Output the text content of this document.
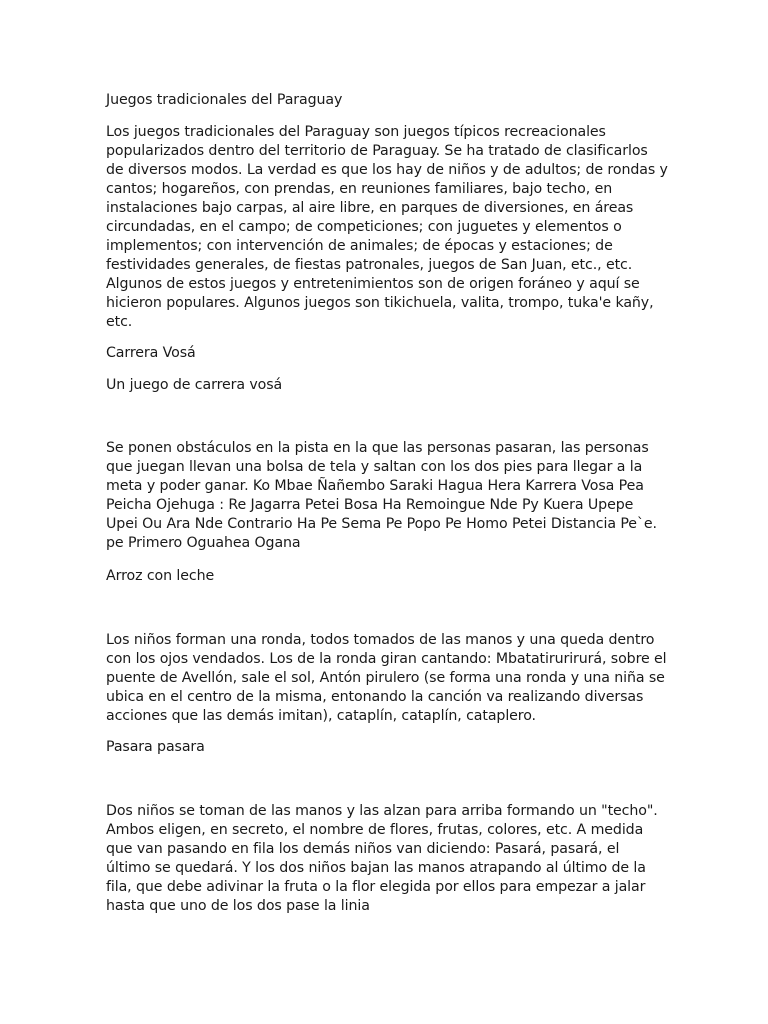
Juegos tradicionales del Paraguay
Los juegos tradicionales del Paraguay son juegos típicos recreacionales
popularizados dentro del territorio de Paraguay. Se ha tratado de clasificarlos
de diversos modos. La verdad es que los hay de niños y de adultos; de rondas y
cantos; hogareños, con prendas, en reuniones familiares, bajo techo, en
instalaciones bajo carpas, al aire libre, en parques de diversiones, en áreas
circundadas, en el campo; de competiciones; con juguetes y elementos o
implementos; con intervención de animales; de épocas y estaciones; de
festividades generales, de fiestas patronales, juegos de San Juan, etc., etc.
Algunos de estos juegos y entretenimientos son de origen foráneo y aquí se
hicieron populares. Algunos juegos son tikichuela, valita, trompo, tuka'e kañy,
etc.
Carrera Vosá
Un juego de carrera vosá
Se ponen obstáculos en la pista en la que las personas pasaran, las personas
que juegan llevan una bolsa de tela y saltan con los dos pies para llegar a la
meta y poder ganar. Ko Mbae Ñañembo Saraki Hagua Hera Karrera Vosa Pea
Peicha Ojehuga : Re Jagarra Petei Bosa Ha Remoingue Nde Py Kuera Upepe
Upei Ou Ara Nde Contrario Ha Pe Sema Pe Popo Pe Homo Petei Distancia Pe`e.
pe Primero Oguahea Ogana
Arroz con leche
Los niños forman una ronda, todos tomados de las manos y una queda dentro
con los ojos vendados. Los de la ronda giran cantando: Mbatatirurirurá, sobre el
puente de Avellón, sale el sol, Antón pirulero (se forma una ronda y una niña se
ubica en el centro de la misma, entonando la canción va realizando diversas
acciones que las demás imitan), cataplín, cataplín, cataplero.
Pasara pasara
Dos niños se toman de las manos y las alzan para arriba formando un "techo".
Ambos eligen, en secreto, el nombre de flores, frutas, colores, etc. A medida
que van pasando en fila los demás niños van diciendo: Pasará, pasará, el
último se quedará. Y los dos niños bajan las manos atrapando al último de la
fila, que debe adivinar la fruta o la flor elegida por ellos para empezar a jalar
hasta que uno de los dos pase la linia
